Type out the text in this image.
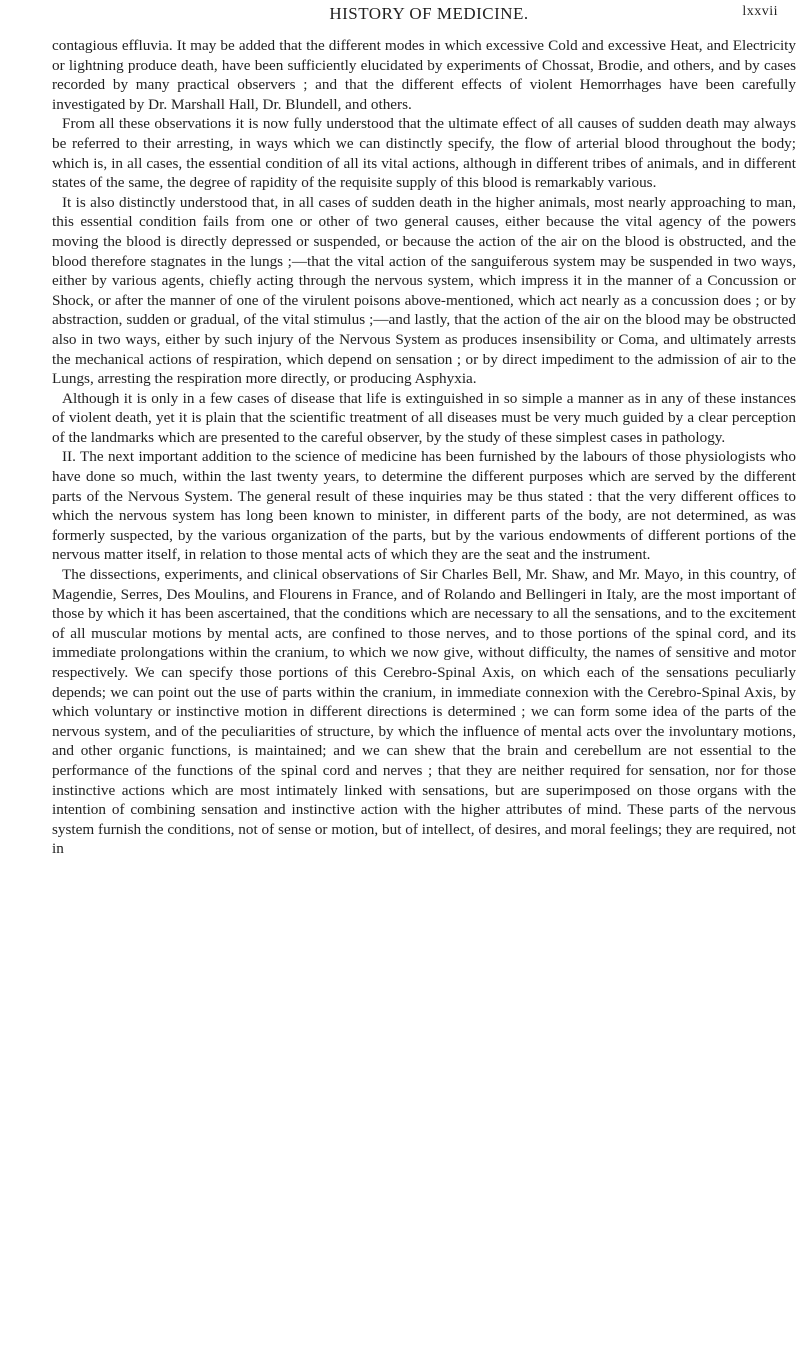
HISTORY OF MEDICINE.	lxxvii

contagious effluvia. It may be added that the different modes in which excessive Cold and excessive Heat, and Electricity or lightning produce death, have been sufficiently elucidated by experiments of Chossat, Brodie, and others, and by cases recorded by many practical observers ; and that the different effects of violent Hemorrhages have been carefully investigated by Dr. Marshall Hall, Dr. Blundell, and others.

From all these observations it is now fully understood that the ultimate effect of all causes of sudden death may always be referred to their arresting, in ways which we can distinctly specify, the flow of arterial blood throughout the body; which is, in all cases, the essential condition of all its vital actions, although in different tribes of animals, and in different states of the same, the degree of rapidity of the requisite supply of this blood is remarkably various.

It is also distinctly understood that, in all cases of sudden death in the higher animals, most nearly approaching to man, this essential condition fails from one or other of two general causes, either because the vital agency of the powers moving the blood is directly depressed or suspended, or because the action of the air on the blood is obstructed, and the blood therefore stagnates in the lungs ;—that the vital action of the sanguiferous system may be suspended in two ways, either by various agents, chiefly acting through the nervous system, which impress it in the manner of a Concussion or Shock, or after the manner of one of the virulent poisons above-mentioned, which act nearly as a concussion does ; or by abstraction, sudden or gradual, of the vital stimulus ;—and lastly, that the action of the air on the blood may be obstructed also in two ways, either by such injury of the Nervous System as produces insensibility or Coma, and ultimately arrests the mechanical actions of respiration, which depend on sensation ; or by direct impediment to the admission of air to the Lungs, arresting the respiration more directly, or producing Asphyxia.

Although it is only in a few cases of disease that life is extinguished in so simple a manner as in any of these instances of violent death, yet it is plain that the scientific treatment of all diseases must be very much guided by a clear perception of the landmarks which are presented to the careful observer, by the study of these simplest cases in pathology.

II. The next important addition to the science of medicine has been furnished by the labours of those physiologists who have done so much, within the last twenty years, to determine the different purposes which are served by the different parts of the Nervous System. The general result of these inquiries may be thus stated : that the very different offices to which the nervous system has long been known to minister, in different parts of the body, are not determined, as was formerly suspected, by the various organization of the parts, but by the various endowments of different portions of the nervous matter itself, in relation to those mental acts of which they are the seat and the instrument.

The dissections, experiments, and clinical observations of Sir Charles Bell, Mr. Shaw, and Mr. Mayo, in this country, of Magendie, Serres, Des Moulins, and Flourens in France, and of Rolando and Bellingeri in Italy, are the most important of those by which it has been ascertained, that the conditions which are necessary to all the sensations, and to the excitement of all muscular motions by mental acts, are confined to those nerves, and to those portions of the spinal cord, and its immediate prolongations within the cranium, to which we now give, without difficulty, the names of sensitive and motor respectively. We can specify those portions of this Cerebro-Spinal Axis, on which each of the sensations peculiarly depends; we can point out the use of parts within the cranium, in immediate connexion with the Cerebro-Spinal Axis, by which voluntary or instinctive motion in different directions is determined ; we can form some idea of the parts of the nervous system, and of the peculiarities of structure, by which the influence of mental acts over the involuntary motions, and other organic functions, is maintained; and we can shew that the brain and cerebellum are not essential to the performance of the functions of the spinal cord and nerves ; that they are neither required for sensation, nor for those instinctive actions which are most intimately linked with sensations, but are superimposed on those organs with the intention of combining sensation and instinctive action with the higher attributes of mind. These parts of the nervous system furnish the conditions, not of sense or motion, but of intellect, of desires, and moral feelings; they are required, not in
